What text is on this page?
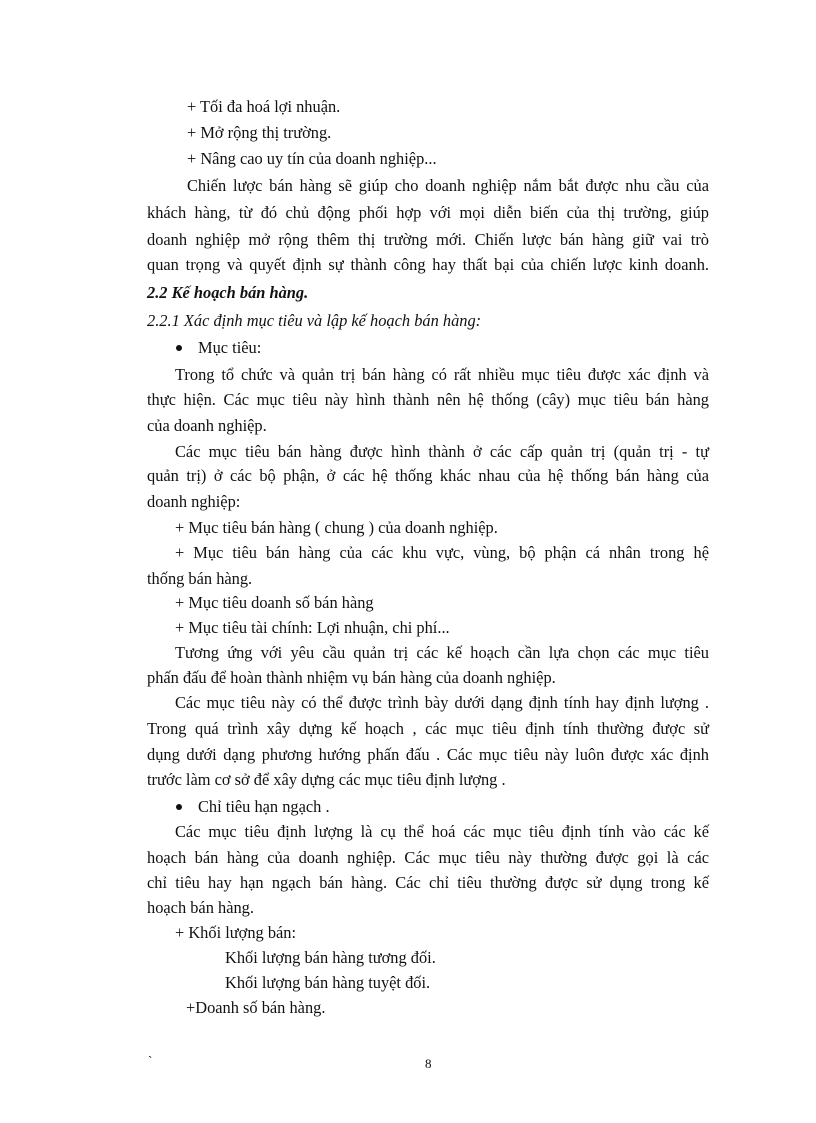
+ Tối đa hoá lợi nhuận.
+ Mở rộng thị trường.
+ Nâng cao uy tín của doanh nghiệp...
Chiến lược bán hàng sẽ giúp cho doanh nghiệp nắm bắt được nhu cầu của
khách hàng, từ đó chủ động phối hợp với mọi diễn biến của thị trường, giúp
doanh nghiệp mở rộng thêm thị trường mới. Chiến lược bán hàng giữ vai trò
quan trọng và quyết định sự thành công hay thất bại của chiến lược kinh doanh.
2.2 Kế hoạch bán hàng.
2.2.1 Xác định mục tiêu và lập kế hoạch bán hàng:
Mục tiêu:
Trong tổ chức và quản trị bán hàng có rất nhiều mục tiêu được xác định và
thực hiện. Các mục tiêu này hình thành nên hệ thống (cây) mục tiêu bán hàng
của doanh nghiệp.
Các mục tiêu bán hàng được hình thành ở các cấp quản trị (quản trị - tự
quản trị) ở các bộ phận, ở các hệ thống khác nhau của hệ thống bán hàng của
doanh nghiệp:
+ Mục tiêu bán hàng ( chung ) của doanh nghiệp.
+ Mục tiêu bán hàng của các khu vực, vùng, bộ phận cá nhân trong hệ
thống bán hàng.
+ Mục tiêu doanh số bán hàng
+ Mục tiêu tài chính: Lợi nhuận, chi phí...
Tương ứng với yêu cầu quản trị các kế hoạch cần lựa chọn các mục tiêu
phấn đấu để hoàn thành nhiệm vụ bán hàng của doanh nghiệp.
Các mục tiêu này có thể được trình bày dưới dạng định tính hay định lượng .
Trong quá trình xây dựng kế hoạch , các mục tiêu định tính thường được sử
dụng dưới dạng phương hướng phấn đấu . Các mục tiêu này luôn được xác định
trước làm cơ sở để xây dựng các mục tiêu định lượng .
Chỉ tiêu hạn ngạch .
Các mục tiêu định lượng là cụ thể hoá các mục tiêu định tính vào các kế
hoạch bán hàng của doanh nghiệp. Các mục tiêu này thường được gọi là các
chỉ tiêu hay hạn ngạch bán hàng. Các chỉ tiêu thường được sử dụng trong kế
hoạch bán hàng.
+ Khối lượng bán:
Khối lượng bán hàng tương đối.
Khối lượng bán hàng tuyệt đối.
+Doanh số bán hàng.
`	8
